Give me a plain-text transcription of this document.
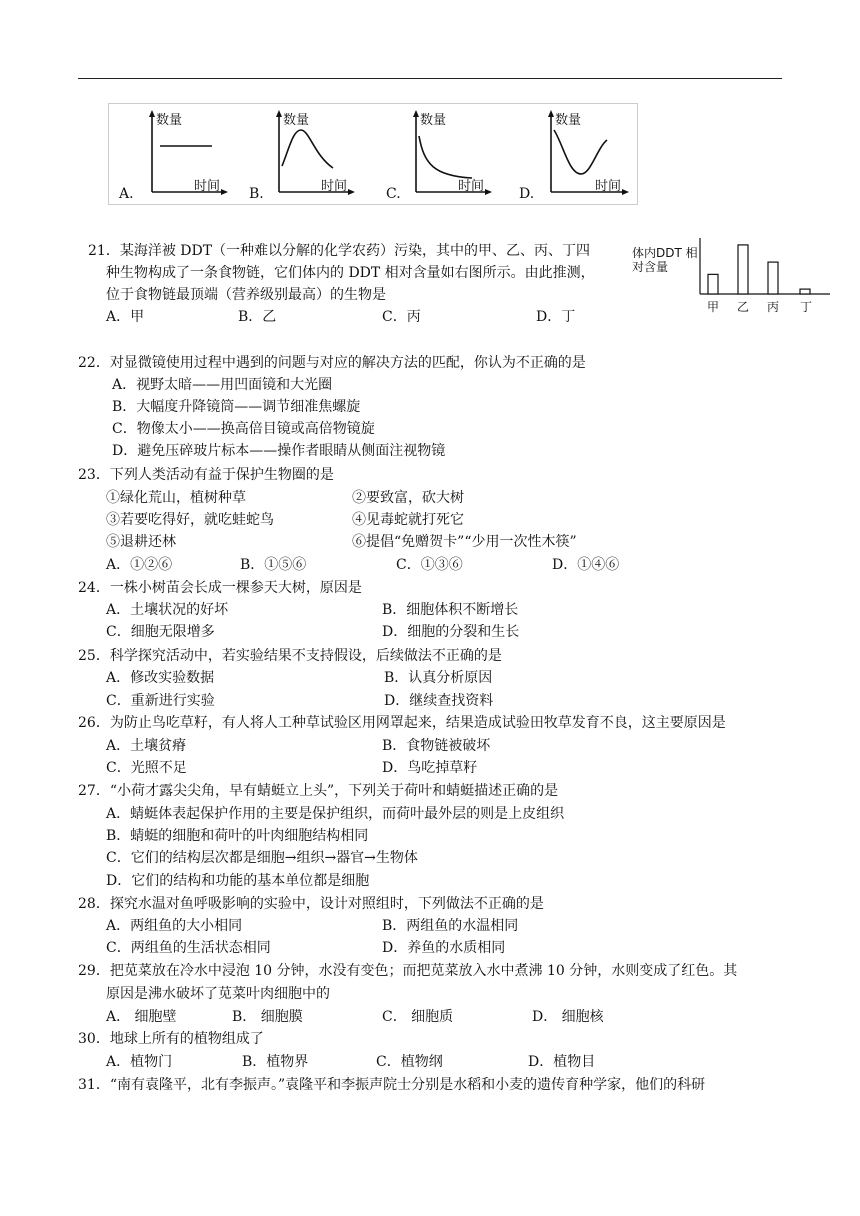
数量
时间
A.
数量
时间
B.
数量
时间
C.
数量
时间
D.
21．某海洋被 DDT（一种难以分解的化学农药）污染，其中的甲、乙、丙、丁四
种生物构成了一条食物链，它们体内的 DDT 相对含量如右图所示。由此推测，
位于食物链最顶端（营养级别最高）的生物是
A．甲	B．乙	C．丙	D．丁
体内DDT 相对含量
甲 乙 丙 丁
22．对显微镜使用过程中遇到的问题与对应的解决方法的匹配，你认为不正确的是
A．视野太暗——用凹面镜和大光圈
B．大幅度升降镜筒——调节细准焦螺旋
C．物像太小——换高倍目镜或高倍物镜旋
D．避免压碎玻片标本——操作者眼睛从侧面注视物镜
23．下列人类活动有益于保护生物圈的是
①绿化荒山，植树种草	②要致富，砍大树
③若要吃得好，就吃蛙蛇鸟	④见毒蛇就打死它
⑤退耕还林	⑥提倡“免赠贺卡”“少用一次性木筷”
A．①②⑥	B．①⑤⑥	C．①③⑥	D．①④⑥
24．一株小树苗会长成一棵参天大树，原因是
A．土壤状况的好坏	B．细胞体积不断增长
C．细胞无限增多	D．细胞的分裂和生长
25．科学探究活动中，若实验结果不支持假设，后续做法不正确的是
A．修改实验数据	B．认真分析原因
C．重新进行实验	D．继续查找资料
26．为防止鸟吃草籽，有人将人工种草试验区用网罩起来，结果造成试验田牧草发育不良，这主要原因是
A．土壤贫瘠	B．食物链被破坏
C．光照不足	D．鸟吃掉草籽
27．“小荷才露尖尖角，早有蜻蜓立上头”，下列关于荷叶和蜻蜓描述正确的是
A．蜻蜓体表起保护作用的主要是保护组织，而荷叶最外层的则是上皮组织
B．蜻蜓的细胞和荷叶的叶肉细胞结构相同
C．它们的结构层次都是细胞→组织→器官→生物体
D．它们的结构和功能的基本单位都是细胞
28．探究水温对鱼呼吸影响的实验中，设计对照组时，下列做法不正确的是
A．两组鱼的大小相同	B．两组鱼的水温相同
C．两组鱼的生活状态相同	D．养鱼的水质相同
29．把苋菜放在冷水中浸泡 10 分钟，水没有变色；而把苋菜放入水中煮沸 10 分钟，水则变成了红色。其
原因是沸水破坏了苋菜叶肉细胞中的
A． 细胞壁	B． 细胞膜	C． 细胞质	D． 细胞核
30．地球上所有的植物组成了
A．植物门	B．植物界	C．植物纲	D．植物目
31．“南有袁隆平，北有李振声。”袁隆平和李振声院士分别是水稻和小麦的遗传育种学家，他们的科研
